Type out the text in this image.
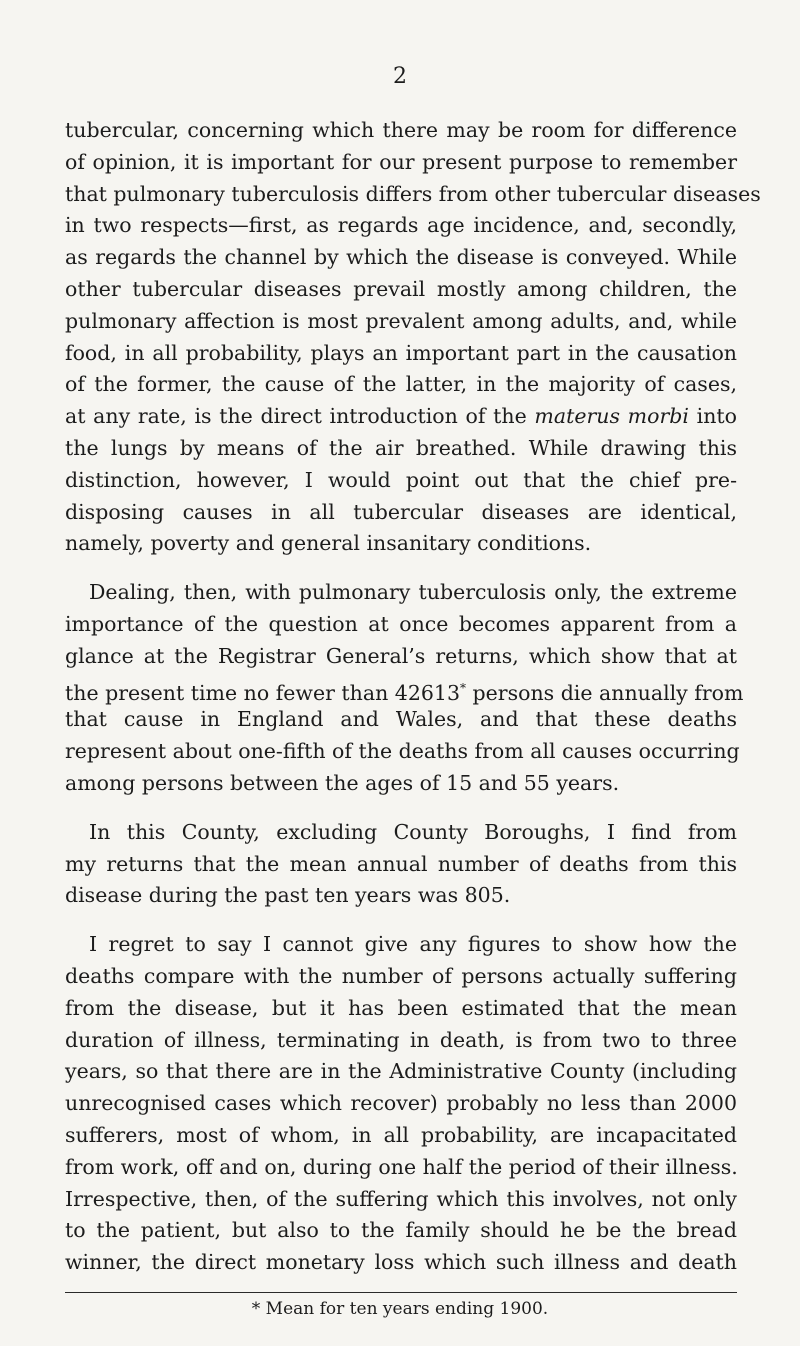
2
tubercular, concerning which there may be room for difference
of opinion, it is important for our present purpose to remember
that pulmonary tuberculosis differs from other tubercular diseases
in two respects—first, as regards age incidence, and, secondly,
as regards the channel by which the disease is conveyed. While
other tubercular diseases prevail mostly among children, the
pulmonary affection is most prevalent among adults, and, while
food, in all probability, plays an important part in the causation
of the former, the cause of the latter, in the majority of cases,
at any rate, is the direct introduction of the materus morbi into
the lungs by means of the air breathed. While drawing this
distinction, however, I would point out that the chief pre-
disposing causes in all tubercular diseases are identical,
namely, poverty and general insanitary conditions.
Dealing, then, with pulmonary tuberculosis only, the extreme
importance of the question at once becomes apparent from a
glance at the Registrar General’s returns, which show that at
the present time no fewer than 42613* persons die annually from
that cause in England and Wales, and that these deaths
represent about one-fifth of the deaths from all causes occurring
among persons between the ages of 15 and 55 years.
In this County, excluding County Boroughs, I find from
my returns that the mean annual number of deaths from this
disease during the past ten years was 805.
I regret to say I cannot give any figures to show how the
deaths compare with the number of persons actually suffering
from the disease, but it has been estimated that the mean
duration of illness, terminating in death, is from two to three
years, so that there are in the Administrative County (including
unrecognised cases which recover) probably no less than 2000
sufferers, most of whom, in all probability, are incapacitated
from work, off and on, during one half the period of their illness.
Irrespective, then, of the suffering which this involves, not only
to the patient, but also to the family should he be the bread
winner, the direct monetary loss which such illness and death
* Mean for ten years ending 1900.
